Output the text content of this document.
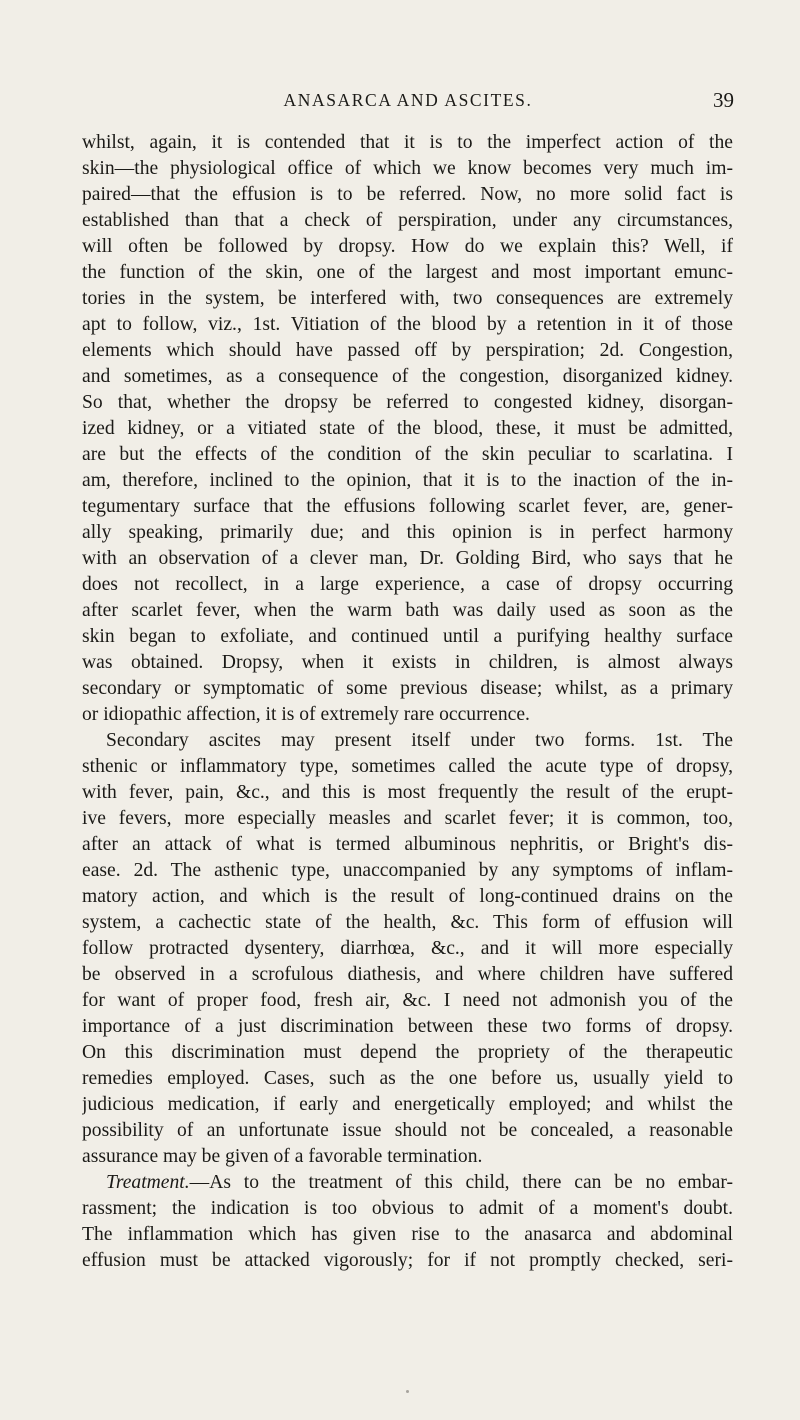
ANASARCA AND ASCITES.	39
whilst, again, it is contended that it is to the imperfect action of the
skin—the physiological office of which we know becomes very much im-
paired—that the effusion is to be referred. Now, no more solid fact is
established than that a check of perspiration, under any circumstances,
will often be followed by dropsy. How do we explain this? Well, if
the function of the skin, one of the largest and most important emunc-
tories in the system, be interfered with, two consequences are extremely
apt to follow, viz., 1st. Vitiation of the blood by a retention in it of those
elements which should have passed off by perspiration; 2d. Congestion,
and sometimes, as a consequence of the congestion, disorganized kidney.
So that, whether the dropsy be referred to congested kidney, disorgan-
ized kidney, or a vitiated state of the blood, these, it must be admitted,
are but the effects of the condition of the skin peculiar to scarlatina. I
am, therefore, inclined to the opinion, that it is to the inaction of the in-
tegumentary surface that the effusions following scarlet fever, are, gener-
ally speaking, primarily due; and this opinion is in perfect harmony
with an observation of a clever man, Dr. Golding Bird, who says that he
does not recollect, in a large experience, a case of dropsy occurring
after scarlet fever, when the warm bath was daily used as soon as the
skin began to exfoliate, and continued until a purifying healthy surface
was obtained. Dropsy, when it exists in children, is almost always
secondary or symptomatic of some previous disease; whilst, as a primary
or idiopathic affection, it is of extremely rare occurrence.
Secondary ascites may present itself under two forms. 1st. The
sthenic or inflammatory type, sometimes called the acute type of dropsy,
with fever, pain, &c., and this is most frequently the result of the erupt-
ive fevers, more especially measles and scarlet fever; it is common, too,
after an attack of what is termed albuminous nephritis, or Bright's dis-
ease. 2d. The asthenic type, unaccompanied by any symptoms of inflam-
matory action, and which is the result of long-continued drains on the
system, a cachectic state of the health, &c. This form of effusion will
follow protracted dysentery, diarrhœa, &c., and it will more especially
be observed in a scrofulous diathesis, and where children have suffered
for want of proper food, fresh air, &c. I need not admonish you of the
importance of a just discrimination between these two forms of dropsy.
On this discrimination must depend the propriety of the therapeutic
remedies employed. Cases, such as the one before us, usually yield to
judicious medication, if early and energetically employed; and whilst the
possibility of an unfortunate issue should not be concealed, a reasonable
assurance may be given of a favorable termination.
Treatment.—As to the treatment of this child, there can be no embar-
rassment; the indication is too obvious to admit of a moment's doubt.
The inflammation which has given rise to the anasarca and abdominal
effusion must be attacked vigorously; for if not promptly checked, seri-
